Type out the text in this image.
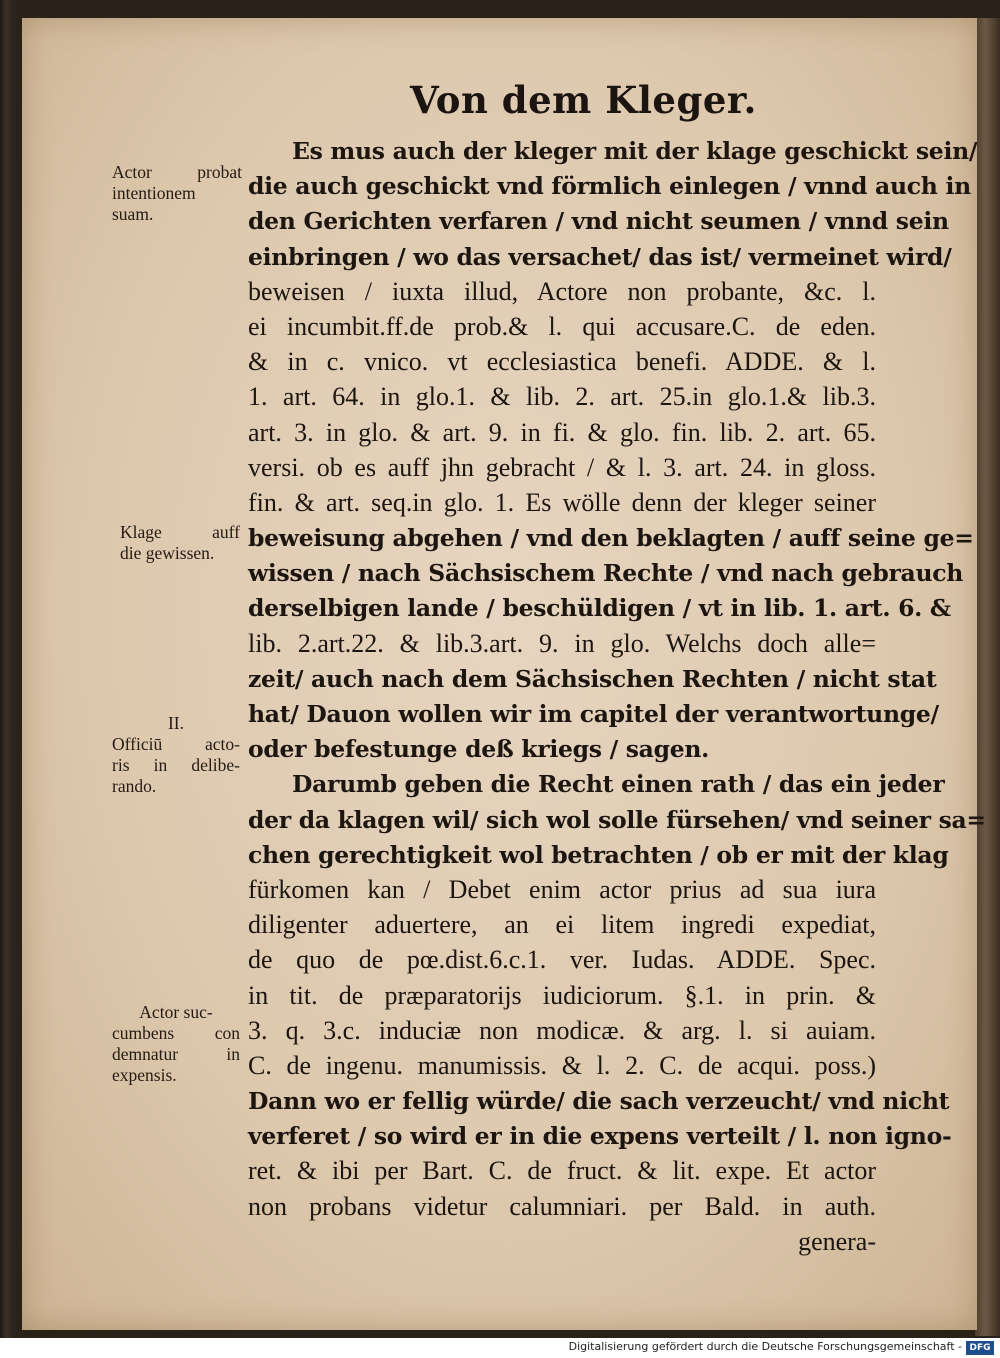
Von dem Kleger.
Es mus auch der kleger mit der klage geschickt sein/
die auch geschickt vnd förmlich einlegen / vnnd auch in
den Gerichten verfaren / vnd nicht seumen / vnnd sein
einbringen / wo das versachet/ das ist/ vermeinet wird/
beweisen / iuxta illud, Actore non probante, &c. l.
ei incumbit.ff.de prob.& l. qui accusare.C. de eden.
& in c. vnico. vt ecclesiastica benefi. ADDE. & l.
1. art. 64. in glo.1. & lib. 2. art. 25.in glo.1.& lib.3.
art. 3. in glo. & art. 9. in fi. & glo. fin. lib. 2. art. 65.
versi. ob es auff jhn gebracht / & l. 3. art. 24. in gloss.
fin. & art. seq.in glo. 1. Es wölle denn der kleger seiner
beweisung abgehen / vnd den beklagten / auff seine ge=
wissen / nach Sächsischem Rechte / vnd nach gebrauch
derselbigen lande / beschüldigen / vt in lib. 1. art. 6. &
lib. 2.art.22. & lib.3.art. 9. in glo. Welchs doch alle=
zeit/ auch nach dem Sächsischen Rechten / nicht stat
hat/ Dauon wollen wir im capitel der verantwortunge/
oder befestunge deß kriegs / sagen.
Darumb geben die Recht einen rath / das ein jeder
der da klagen wil/ sich wol solle fürsehen/ vnd seiner sa=
chen gerechtigkeit wol betrachten / ob er mit der klag
fürkomen kan / Debet enim actor prius ad sua iura
diligenter aduertere, an ei litem ingredi expediat,
de quo de pœ.dist.6.c.1. ver. Iudas. ADDE. Spec.
in tit. de præparatorijs iudiciorum. §.1. in prin. &
3. q. 3.c. induciæ non modicæ. & arg. l. si auiam.
C. de ingenu. manumissis. & l. 2. C. de acqui. poss.)
Dann wo er fellig würde/ die sach verzeucht/ vnd nicht
verferet / so wird er in die expens verteilt / l. non igno-
ret. & ibi per Bart. C. de fruct. & lit. expe. Et actor
non probans videtur calumniari. per Bald. in auth.
genera-
Actor probat
intentionem
suam.
Klage auff
die gewissen.
II.
Officiū acto-
ris in delibe-
rando.
Actor suc-
cumbens con
demnatur in
expensis.
Digitalisierung gefördert durch die Deutsche Forschungsgemeinschaft - DFG
